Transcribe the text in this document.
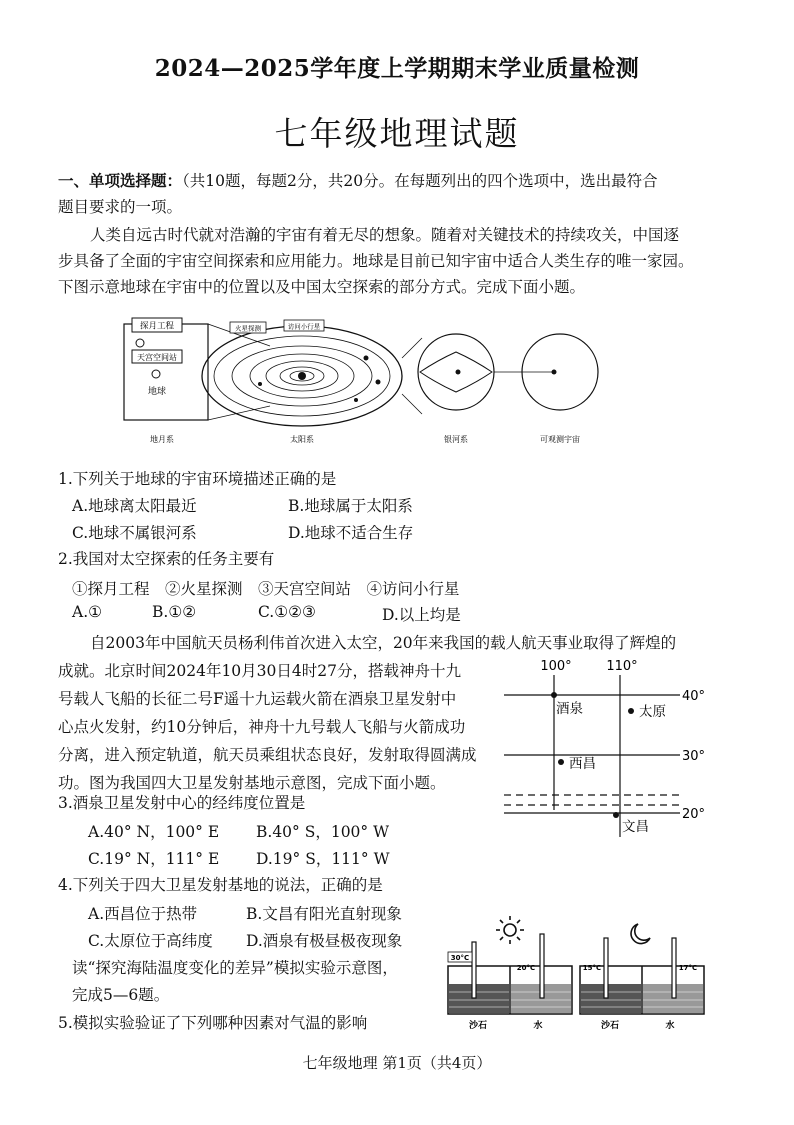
2024—2025学年度上学期期末学业质量检测
七年级地理试题
一、单项选择题：（共10题，每题2分，共20分。在每题列出的四个选项中，选出最符合
题目要求的一项。
人类自远古时代就对浩瀚的宇宙有着无尽的想象。随着对关键技术的持续攻关，中国逐
步具备了全面的宇宙空间探索和应用能力。地球是目前已知宇宙中适合人类生存的唯一家园。
下图示意地球在宇宙中的位置以及中国太空探索的部分方式。完成下面小题。
探月工程
天宫空间站
地球
火星探测	访问小行星
地月系	太阳系	银河系	可观测宇宙
1.下列关于地球的宇宙环境描述正确的是
A.地球离太阳最近	B.地球属于太阳系
C.地球不属银河系	D.地球不适合生存
2.我国对太空探索的任务主要有
①探月工程　②火星探测　③天宫空间站　④访问小行星
A.①	B.①②	C.①②③	D.以上均是
自2003年中国航天员杨利伟首次进入太空，20年来我国的载人航天事业取得了辉煌的
成就。北京时间2024年10月30日4时27分，搭载神舟十九
号载人飞船的长征二号F遥十九运载火箭在酒泉卫星发射中
心点火发射，约10分钟后，神舟十九号载人飞船与火箭成功
分离，进入预定轨道，航天员乘组状态良好，发射取得圆满成
功。图为我国四大卫星发射基地示意图，完成下面小题。
100°	110°
40°
30°
20°
酒泉	太原
西昌
文昌
3.酒泉卫星发射中心的经纬度位置是
A.40° N，100° E B.40° S，100° W
C.19° N，111° E D.19° S，111° W
4.下列关于四大卫星发射基地的说法，正确的是
A.西昌位于热带	B.文昌有阳光直射现象
C.太原位于高纬度 D.酒泉有极昼极夜现象
读“探究海陆温度变化的差异”模拟实验示意图，
完成5—6题。
5.模拟实验验证了下列哪种因素对气温的影响
30°C
20°C
沙石	水
15°C	17°C
沙石	水
七年级地理 第1页（共4页）
